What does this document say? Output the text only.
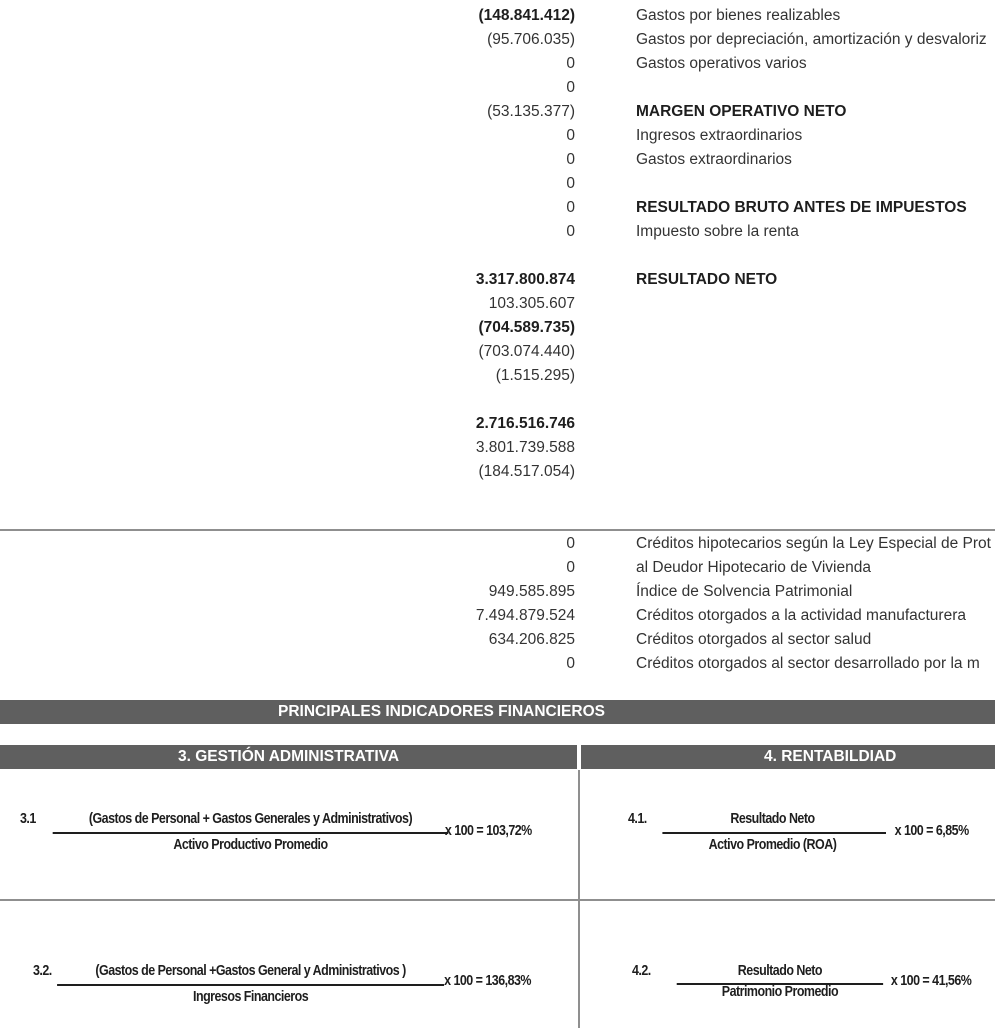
(148.841.412)	Gastos por bienes realizables
(95.706.035)	Gastos por depreciación, amortización y desvaloriz
0	Gastos operativos varios
0
(53.135.377)	MARGEN OPERATIVO NETO
0	Ingresos extraordinarios
0	Gastos extraordinarios
0
0	RESULTADO BRUTO ANTES DE IMPUESTOS
0	Impuesto sobre la renta
3.317.800.874	RESULTADO NETO
103.305.607
(704.589.735)
(703.074.440)
(1.515.295)
2.716.516.746
3.801.739.588
(184.517.054)
0	Créditos hipotecarios según la Ley Especial de Prot
0	al Deudor Hipotecario de Vivienda
949.585.895	Índice de Solvencia Patrimonial
7.494.879.524	Créditos otorgados a la actividad manufacturera
634.206.825	Créditos otorgados al sector salud
0	Créditos otorgados al sector desarrollado por la m
PRINCIPALES INDICADORES FINANCIEROS
3. GESTIÓN ADMINISTRATIVA	4. RENTABILDIAD
3.1	(Gastos de Personal + Gastos Generales y Administrativos)
Activo Productivo Promedio
x 100 = 103,72%
4.1.	Resultado Neto
Activo Promedio (ROA)
x 100 = 6,85%
3.2.	(Gastos de Personal +Gastos General y Administrativos )
Ingresos Financieros
x 100 = 136,83%
4.2.	Resultado Neto
Patrimonio Promedio
x 100 = 41,56%
